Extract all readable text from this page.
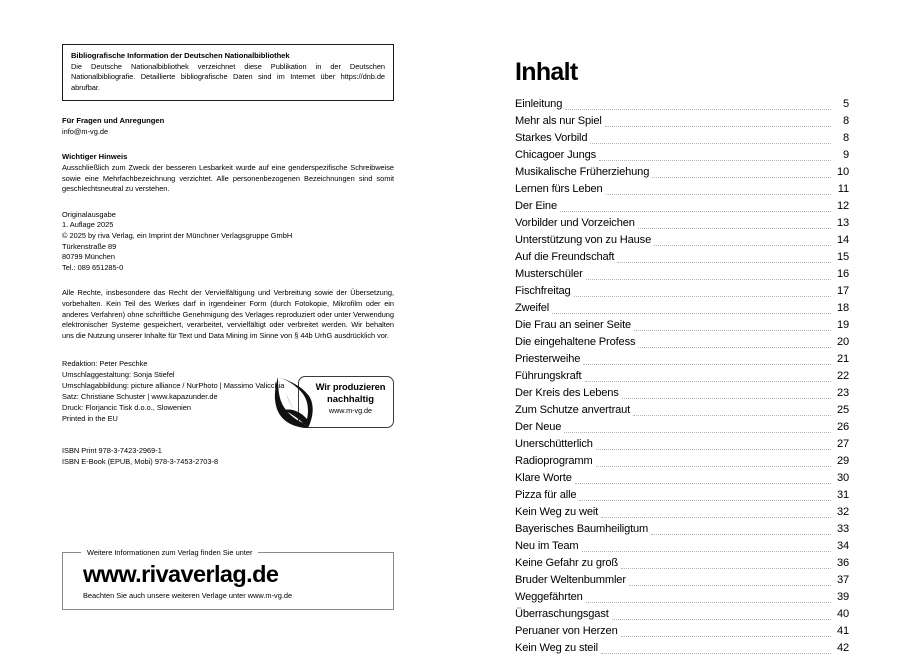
Bibliografische Information der Deutschen Nationalbibliothek
Die Deutsche Nationalbibliothek verzeichnet diese Publikation in der Deutschen Nationalbibliografie. Detaillierte bibliografische Daten sind im Internet über https://dnb.de abrufbar.
Für Fragen und Anregungen
info@m-vg.de
Wichtiger Hinweis
Ausschließlich zum Zweck der besseren Lesbarkeit wurde auf eine genderspezifische Schreibweise sowie eine Mehrfachbezeichnung verzichtet. Alle personenbezogenen Bezeichnungen sind somit geschlechtsneutral zu verstehen.
Originalausgabe
1. Auflage 2025
© 2025 by riva Verlag, ein Imprint der Münchner Verlagsgruppe GmbH
Türkenstraße 89
80799 München
Tel.: 089 651285-0
Alle Rechte, insbesondere das Recht der Vervielfältigung und Verbreitung sowie der Übersetzung, vorbehalten. Kein Teil des Werkes darf in irgendeiner Form (durch Fotokopie, Mikrofilm oder ein anderes Verfahren) ohne schriftliche Genehmigung des Verlages reproduziert oder unter Verwendung elektronischer Systeme gespeichert, verarbeitet, vervielfältigt oder verbreitet werden. Wir behalten uns die Nutzung unserer Inhalte für Text und Data Mining im Sinne von § 44b UrhG ausdrücklich vor.
Redaktion: Peter Peschke
Umschlaggestaltung: Sonja Stiefel
Umschlagabbildung: picture alliance / NurPhoto | Massimo Valicchia
Satz: Christiane Schuster | www.kapazunder.de
Druck: Florjancic Tisk d.o.o., Slowenien
Printed in the EU
Wir produzieren
nachhaltig
www.m-vg.de
ISBN Print 978-3-7423-2969-1
ISBN E-Book (EPUB, Mobi) 978-3-7453-2703-8
Weitere Informationen zum Verlag finden Sie unter
www.rivaverlag.de
Beachten Sie auch unsere weiteren Verlage unter www.m-vg.de
Inhalt
Einleitung	5
Mehr als nur Spiel	8
Starkes Vorbild	8
Chicagoer Jungs	9
Musikalische Früherziehung	10
Lernen fürs Leben	11
Der Eine	12
Vorbilder und Vorzeichen	13
Unterstützung von zu Hause	14
Auf die Freundschaft	15
Musterschüler	16
Fischfreitag	17
Zweifel	18
Die Frau an seiner Seite	19
Die eingehaltene Profess	20
Priesterweihe	21
Führungskraft	22
Der Kreis des Lebens	23
Zum Schutze anvertraut	25
Der Neue	26
Unerschütterlich	27
Radioprogramm	29
Klare Worte	30
Pizza für alle	31
Kein Weg zu weit	32
Bayerisches Baumheiligtum	33
Neu im Team	34
Keine Gefahr zu groß	36
Bruder Weltenbummler	37
Weggefährten	39
Überraschungsgast	40
Peruaner von Herzen	41
Kein Weg zu steil	42
